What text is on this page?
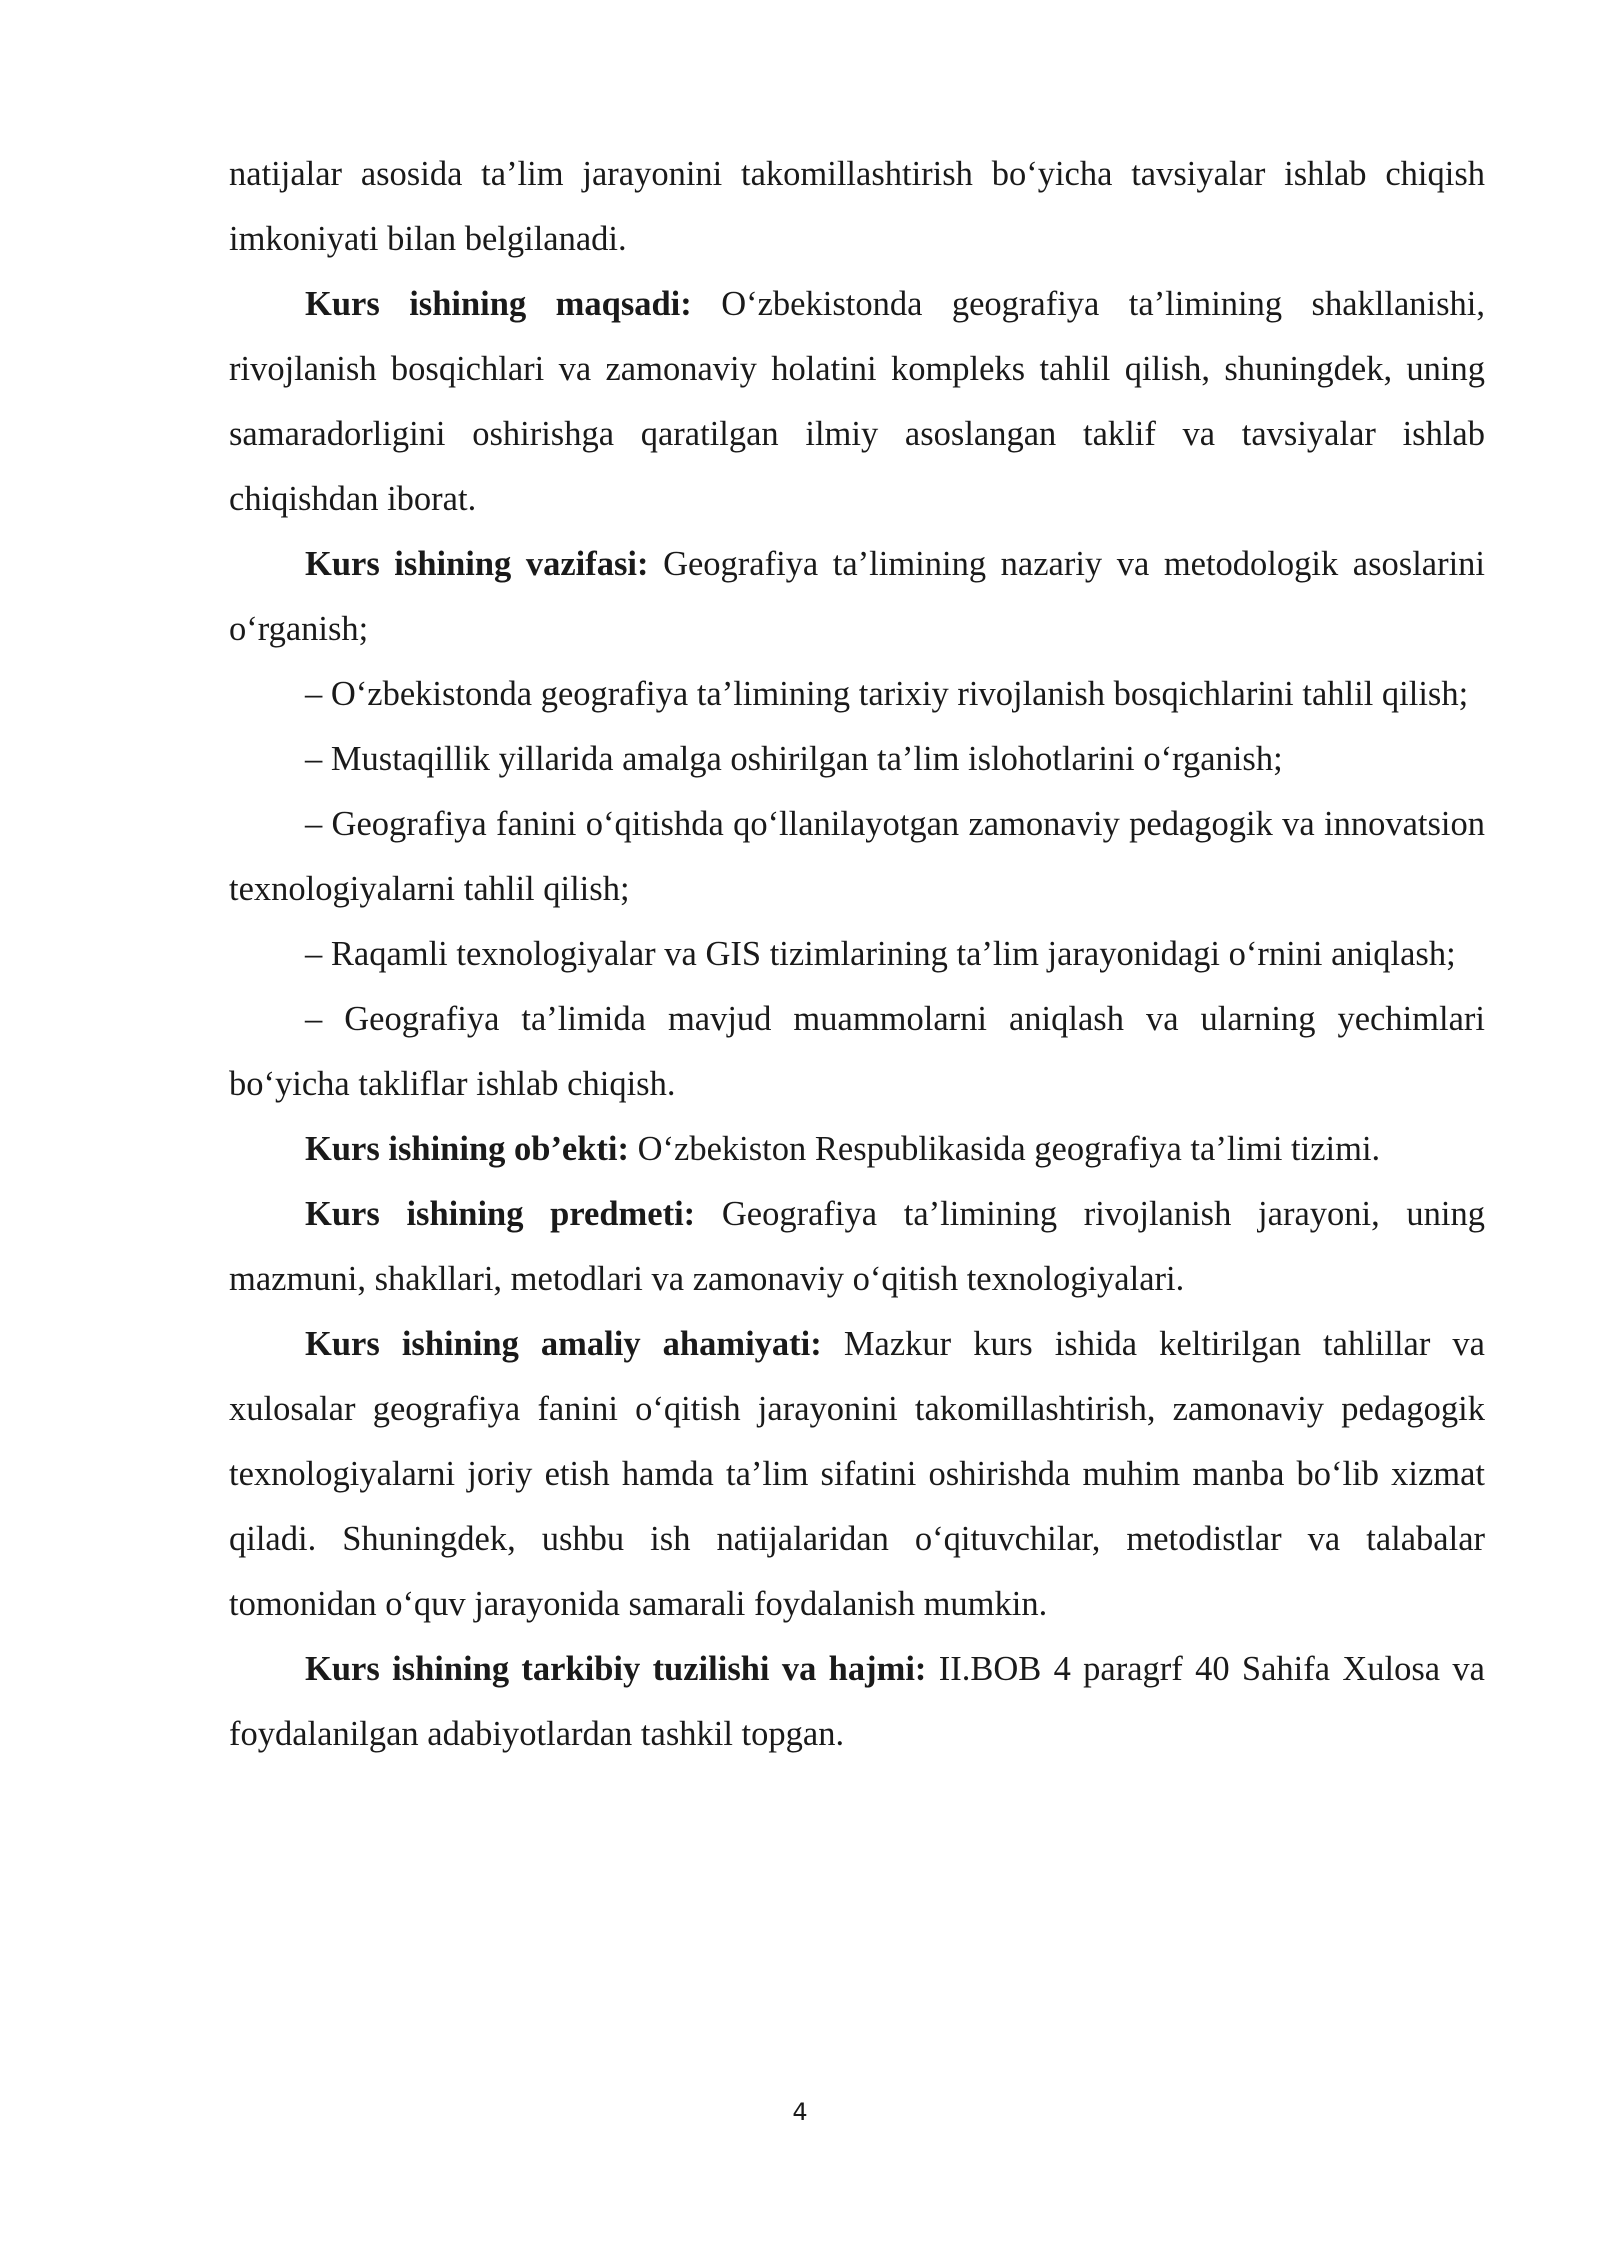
natijalar asosida ta’lim jarayonini takomillashtirish bo‘yicha tavsiyalar ishlab chiqish imkoniyati bilan belgilanadi.

Kurs ishining maqsadi: O‘zbekistonda geografiya ta’limining shakllanishi, rivojlanish bosqichlari va zamonaviy holatini kompleks tahlil qilish, shuningdek, uning samaradorligini oshirishga qaratilgan ilmiy asoslangan taklif va tavsiyalar ishlab chiqishdan iborat.

Kurs ishining vazifasi: Geografiya ta’limining nazariy va metodologik asoslarini o‘rganish;

– O‘zbekistonda geografiya ta’limining tarixiy rivojlanish bosqichlarini tahlil qilish;

– Mustaqillik yillarida amalga oshirilgan ta’lim islohotlarini o‘rganish;

– Geografiya fanini o‘qitishda qo‘llanilayotgan zamonaviy pedagogik va innovatsion texnologiyalarni tahlil qilish;

– Raqamli texnologiyalar va GIS tizimlarining ta’lim jarayonidagi o‘rnini aniqlash;

– Geografiya ta’limida mavjud muammolarni aniqlash va ularning yechimlari bo‘yicha takliflar ishlab chiqish.

Kurs ishining ob’ekti: O‘zbekiston Respublikasida geografiya ta’limi tizimi.

Kurs ishining predmeti: Geografiya ta’limining rivojlanish jarayoni, uning mazmuni, shakllari, metodlari va zamonaviy o‘qitish texnologiyalari.

Kurs ishining amaliy ahamiyati: Mazkur kurs ishida keltirilgan tahlillar va xulosalar geografiya fanini o‘qitish jarayonini takomillashtirish, zamonaviy pedagogik texnologiyalarni joriy etish hamda ta’lim sifatini oshirishda muhim manba bo‘lib xizmat qiladi. Shuningdek, ushbu ish natijalaridan o‘qituvchilar, metodistlar va talabalar tomonidan o‘quv jarayonida samarali foydalanish mumkin.

Kurs ishining tarkibiy tuzilishi va hajmi: II.BOB 4 paragrf 40 Sahifa Xulosa va foydalanilgan adabiyotlardan tashkil topgan.

4
